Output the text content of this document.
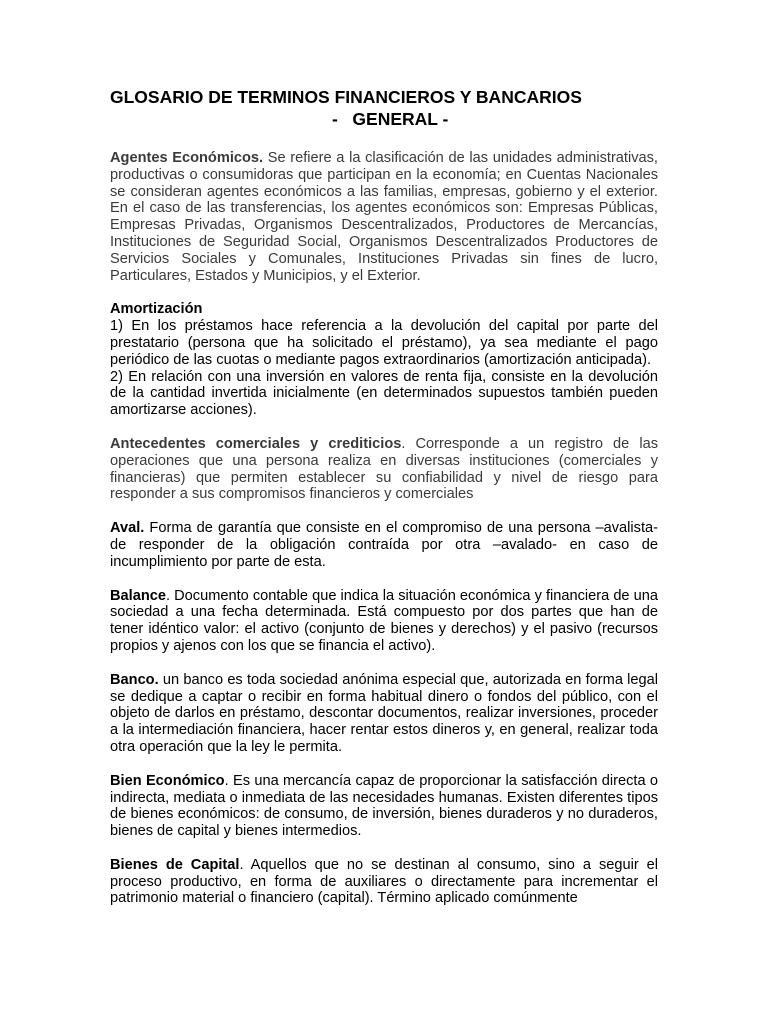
GLOSARIO DE TERMINOS FINANCIEROS Y BANCARIOS
-   GENERAL -

Agentes Económicos. Se refiere a la clasificación de las unidades administrativas, productivas o consumidoras que participan en la economía; en Cuentas Nacionales se consideran agentes económicos a las familias, empresas, gobierno y el exterior. En el caso de las transferencias, los agentes económicos son: Empresas Públicas, Empresas Privadas, Organismos Descentralizados, Productores de Mercancías, Instituciones de Seguridad Social, Organismos Descentralizados Productores de Servicios Sociales y Comunales, Instituciones Privadas sin fines de lucro, Particulares, Estados y Municipios, y el Exterior.

Amortización
1) En los préstamos hace referencia a la devolución del capital por parte del prestatario (persona que ha solicitado el préstamo), ya sea mediante el pago periódico de las cuotas o mediante pagos extraordinarios (amortización anticipada).
2) En relación con una inversión en valores de renta fija, consiste en la devolución de la cantidad invertida inicialmente (en determinados supuestos también pueden amortizarse acciones).

Antecedentes comerciales y crediticios. Corresponde a un registro de las operaciones que una persona realiza en diversas instituciones (comerciales y financieras) que permiten establecer su confiabilidad y nivel de riesgo para responder a sus compromisos financieros y comerciales

Aval. Forma de garantía que consiste en el compromiso de una persona –avalista- de responder de la obligación contraída por otra –avalado- en caso de incumplimiento por parte de esta.

Balance. Documento contable que indica la situación económica y financiera de una sociedad a una fecha determinada. Está compuesto por dos partes que han de tener idéntico valor: el activo (conjunto de bienes y derechos) y el pasivo (recursos propios y ajenos con los que se financia el activo).

Banco. un banco es toda sociedad anónima especial que, autorizada en forma legal se dedique a captar o recibir en forma habitual dinero o fondos del público, con el objeto de darlos en préstamo, descontar documentos, realizar inversiones, proceder a la intermediación financiera, hacer rentar estos dineros y, en general, realizar toda otra operación que la ley le permita.

Bien Económico. Es una mercancía capaz de proporcionar la satisfacción directa o indirecta, mediata o inmediata de las necesidades humanas. Existen diferentes tipos de bienes económicos: de consumo, de inversión, bienes duraderos y no duraderos, bienes de capital y bienes intermedios.

Bienes de Capital. Aquellos que no se destinan al consumo, sino a seguir el proceso productivo, en forma de auxiliares o directamente para incrementar el patrimonio material o financiero (capital). Término aplicado comúnmente
